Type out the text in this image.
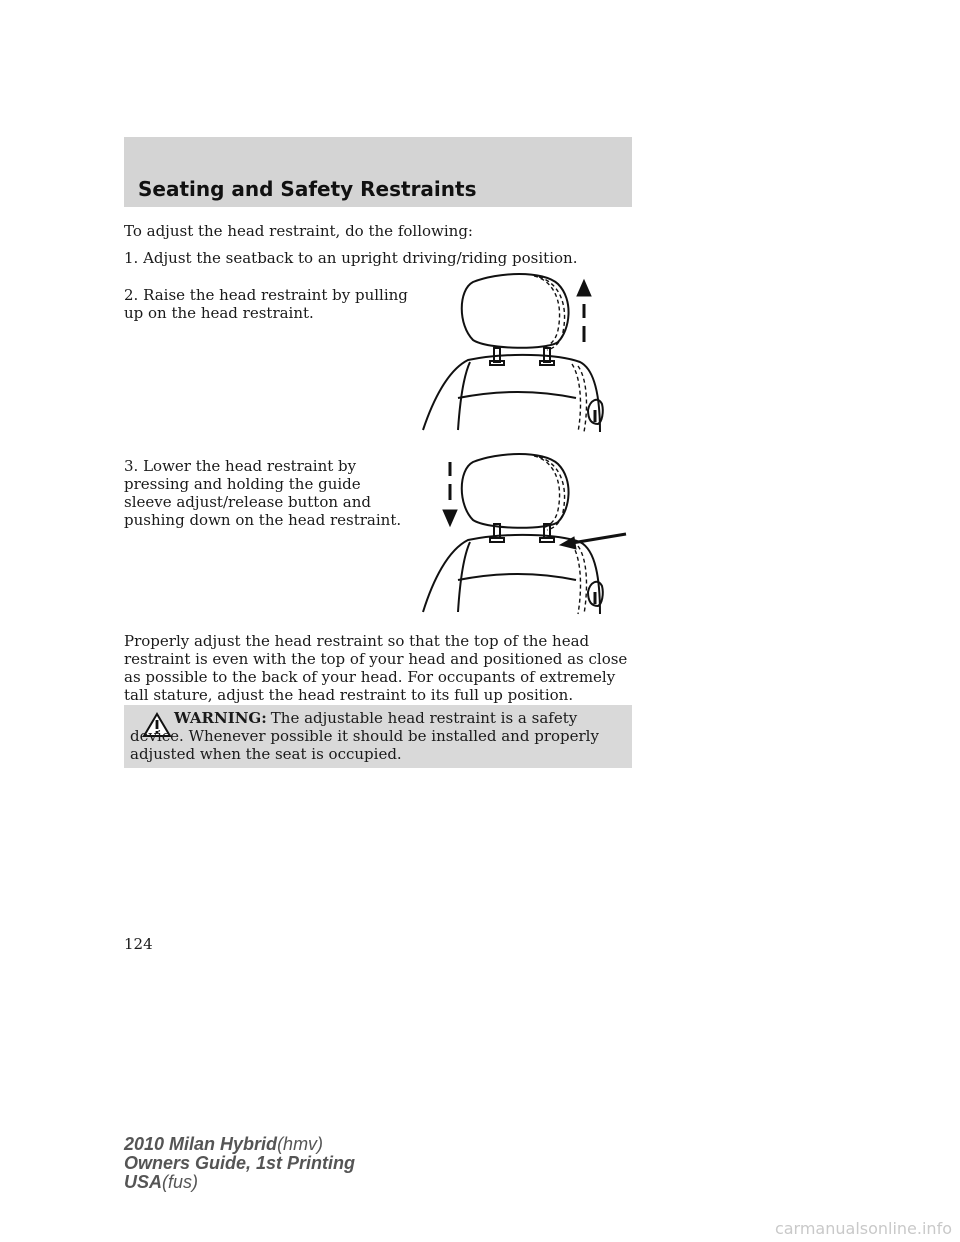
Seating and Safety Restraints

To adjust the head restraint, do the following:

1. Adjust the seatback to an upright driving/riding position.

2. Raise the head restraint by pulling up on the head restraint.

3. Lower the head restraint by pressing and holding the guide sleeve adjust/release button and pushing down on the head restraint.

Properly adjust the head restraint so that the top of the head restraint is even with the top of your head and positioned as close as possible to the back of your head. For occupants of extremely tall stature, adjust the head restraint to its full up position.

WARNING: The adjustable head restraint is a safety device. Whenever possible it should be installed and properly adjusted when the seat is occupied.

124

2010 Milan Hybrid(hmv)
Owners Guide, 1st Printing
USA(fus)
carmanualsonline.info
